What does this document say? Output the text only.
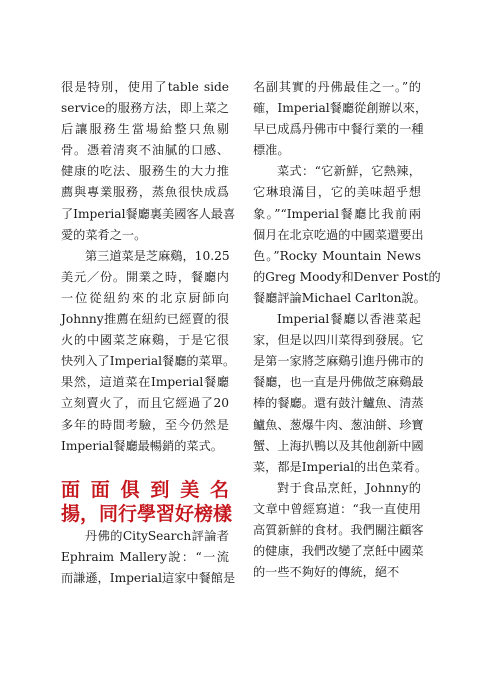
很是特別，使用了table side
service的服務方法，即上菜之
后讓服務生當場給整只魚剔
骨。憑着清爽不油膩的口感、
健康的吃法、服務生的大力推
薦與專業服務，蒸魚很快成爲
了Imperial餐廳裏美國客人最喜
愛的菜肴之一。
第三道菜是芝麻鷄，10.25
美元／份。開業之時，餐廳内
一位從紐約來的北京厨師向
Johnny推薦在紐約已經賣的很
火的中國菜芝麻鷄，于是它很
快列入了Imperial餐廳的菜單。
果然，這道菜在Imperial餐廳
立刻賣火了，而且它經過了20
多年的時間考驗，至今仍然是
Imperial餐廳最暢銷的菜式。
面 面 俱 到 美 名
揚，同行學習好榜樣
丹佛的CitySearch評論者
Ephraim Mallery說：“一流
而謙遜，Imperial這家中餐館是
名副其實的丹佛最佳之一。”的
確，Imperial餐廳從創辦以來，
早已成爲丹佛市中餐行業的一種
標准。
菜式：“它新鮮，它熱辣，
它琳琅滿目，它的美味超乎想
象。”“Imperial餐廳比我前兩
個月在北京吃過的中國菜還要出
色。”Rocky Mountain News
的Greg Moody和Denver Post的
餐廳評論Michael Carlton說。
Imperial餐廳以香港菜起
家，但是以四川菜得到發展。它
是第一家將芝麻鷄引進丹佛市的
餐廳，也一直是丹佛做芝麻鷄最
棒的餐廳。還有鼓汁鱸魚、清蒸
鱸魚、葱爆牛肉、葱油餅、珍寶
蟹、上海扒鴨以及其他創新中國
菜，都是Imperial的出色菜肴。
對于食品烹飪，Johnny的
文章中曾經寫道：“我一直使用
高質新鮮的食材。我們關注顧客
的健康，我們改變了烹飪中國菜
的一些不夠好的傳統，絕不
